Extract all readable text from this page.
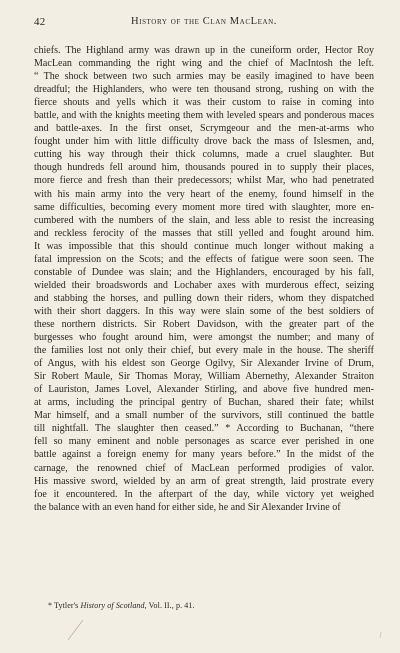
42	History of the Clan MacLean.
chiefs. The Highland army was drawn up in the cuneiform order, Hector Roy
MacLean commanding the right wing and the chief of MacIntosh the left.
“ The shock between two such armies may be easily imagined to have been
dreadful; the Highlanders, who were ten thousand strong, rushing on with the
fierce shouts and yells which it was their custom to raise in coming into
battle, and with the knights meeting them with leveled spears and ponderous maces
and battle-axes. In the first onset, Scrymgeour and the men-at-arms who
fought under him with little difficulty drove back the mass of Islesmen, and,
cutting his way through their thick columns, made a cruel slaughter. But
though hundreds fell around him, thousands poured in to supply their places,
more fierce and fresh than their predecessors; whilst Mar, who had penetrated
with his main army into the very heart of the enemy, found himself in the
same difficulties, becoming every moment more tired with slaughter, more en-
cumbered with the numbers of the slain, and less able to resist the increasing
and reckless ferocity of the masses that still yelled and fought around him.
It was impossible that this should continue much longer without making a
fatal impression on the Scots; and the effects of fatigue were soon seen. The
constable of Dundee was slain; and the Highlanders, encouraged by his fall,
wielded their broadswords and Lochaber axes with murderous effect, seizing
and stabbing the horses, and pulling down their riders, whom they dispatched
with their short daggers. In this way were slain some of the best soldiers of
these northern districts. Sir Robert Davidson, with the greater part of the
burgesses who fought around him, were amongst the number; and many of
the families lost not only their chief, but every male in the house. The sheriff
of Angus, with his eldest son George Ogilvy, Sir Alexander Irvine of Drum,
Sir Robert Maule, Sir Thomas Moray, William Abernethy, Alexander Straiton
of Lauriston, James Lovel, Alexander Stirling, and above five hundred men-
at arms, including the principal gentry of Buchan, shared their fate; whilst
Mar himself, and a small number of the survivors, still continued the battle
till nightfall. The slaughter then ceased.” * According to Buchanan, “there
fell so many eminent and noble personages as scarce ever perished in one
battle against a foreign enemy for many years before.” In the midst of the
carnage, the renowned chief of MacLean performed prodigies of valor.
His massive sword, wielded by an arm of great strength, laid prostrate every
foe it encountered. In the afterpart of the day, while victory yet weighed
the balance with an even hand for either side, he and Sir Alexander Irvine of
* Tytler's History of Scotland, Vol. II., p. 41.
